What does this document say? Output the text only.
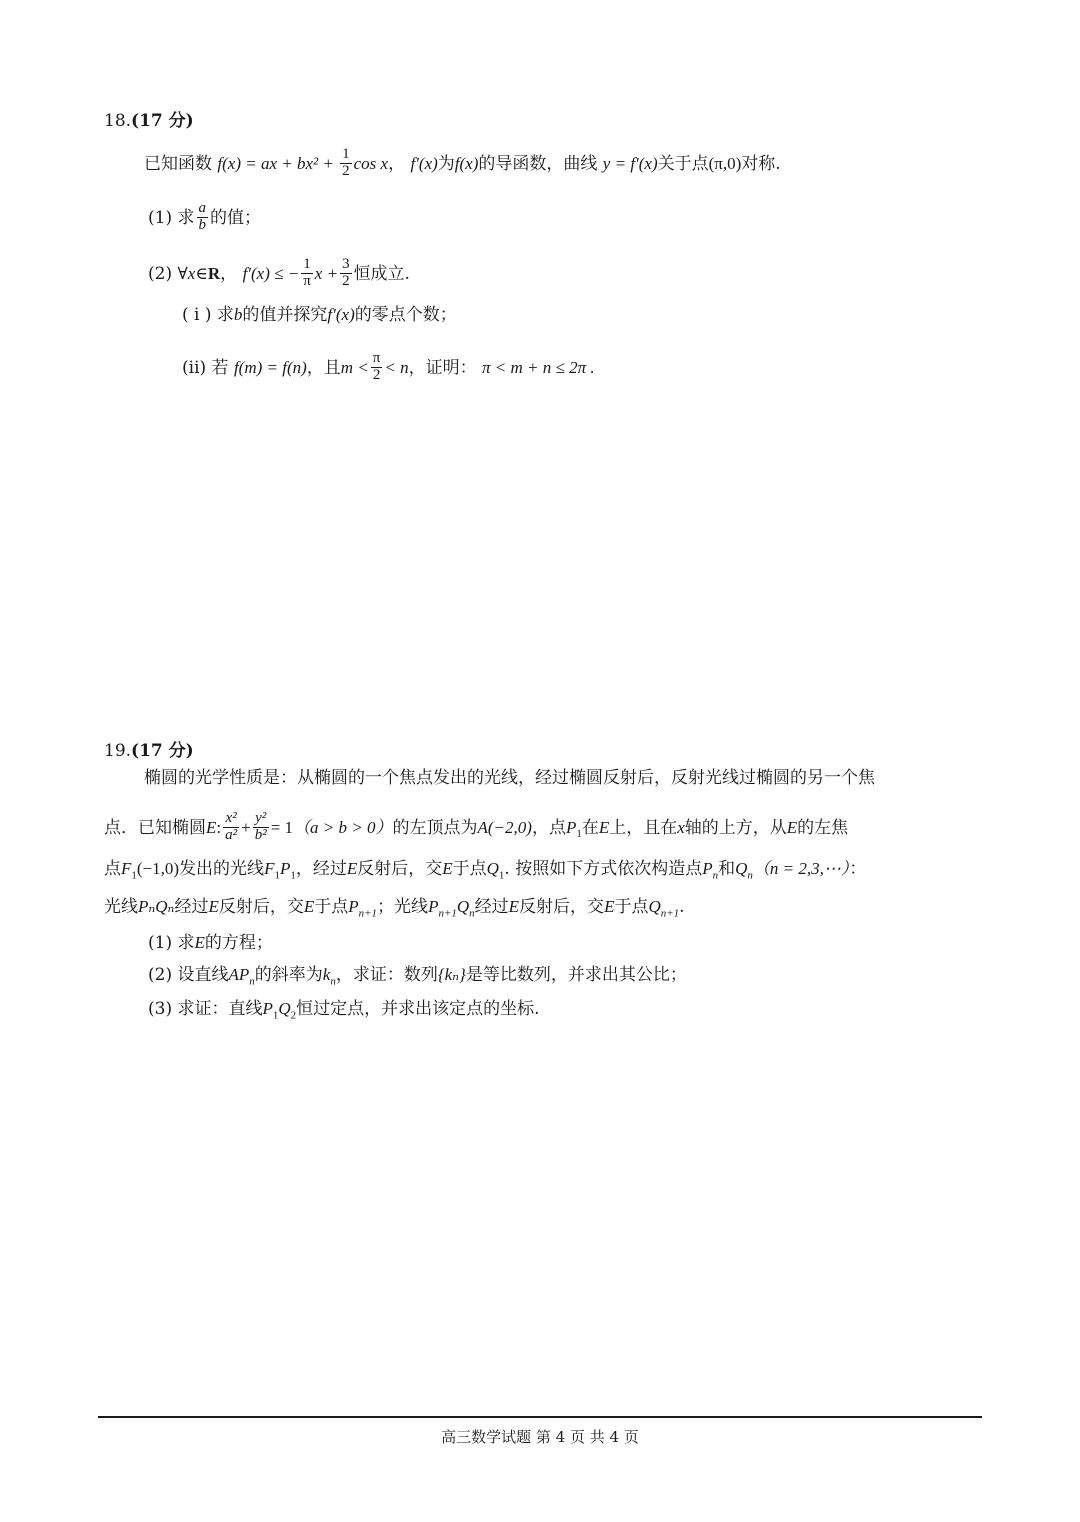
18.(17 分)
已知函数 f(x) = ax + $bx^2 + \frac{1}{2}$ cos x， f′(x)为f(x)的导函数，曲线 y = f′(x)关于点(π,0)对称.
(1) 求 $\frac{a}{b}$ 的值；
(2) ∀x∈R， f′(x) ≤ − $\frac{1}{\pi}$ $x + \frac{3}{2}$ 恒成立.
( i ) 求b的值并探究f′(x)的零点个数；
(ii) 若 f(m) = f(n)，且$m < \frac{\pi}{2} < n$，证明： π < m + n ≤ 2π .
19.(17 分)
椭圆的光学性质是：从椭圆的一个焦点发出的光线，经过椭圆反射后，反射光线过椭圆的另一个焦
点．已知椭圆E: $\frac{\text{x²}}{\text{a²}} + \frac{\text{y²}}{\text{b²}} = 1(a > b > 0)$的左顶点为A(−2,0)，点$P_1$在E上，且在x轴的上方，从E的左焦
点$F_1(-1,0)$发出的光线$F_1P_1$，经过E反射后，交E于点$Q_1$. 按照如下方式依次构造点$P_n$和$Q_n(n$ = 2,3,⋯）：
光线PₙQₙ经过E反射后，交E于点$P_{n+1}$；光线$P_{n+1}Q_n$经过E反射后，交E于点$Q_{n+1}$.
(1) 求E的方程；
(2) 设直线$AP_n$的斜率为$k_n$，求证：数列{kₙ}是等比数列，并求出其公比；
(3) 求证：直线$P_1Q_2$恒过定点，并求出该定点的坐标.
高三数学试题 第 4 页 共 4 页
